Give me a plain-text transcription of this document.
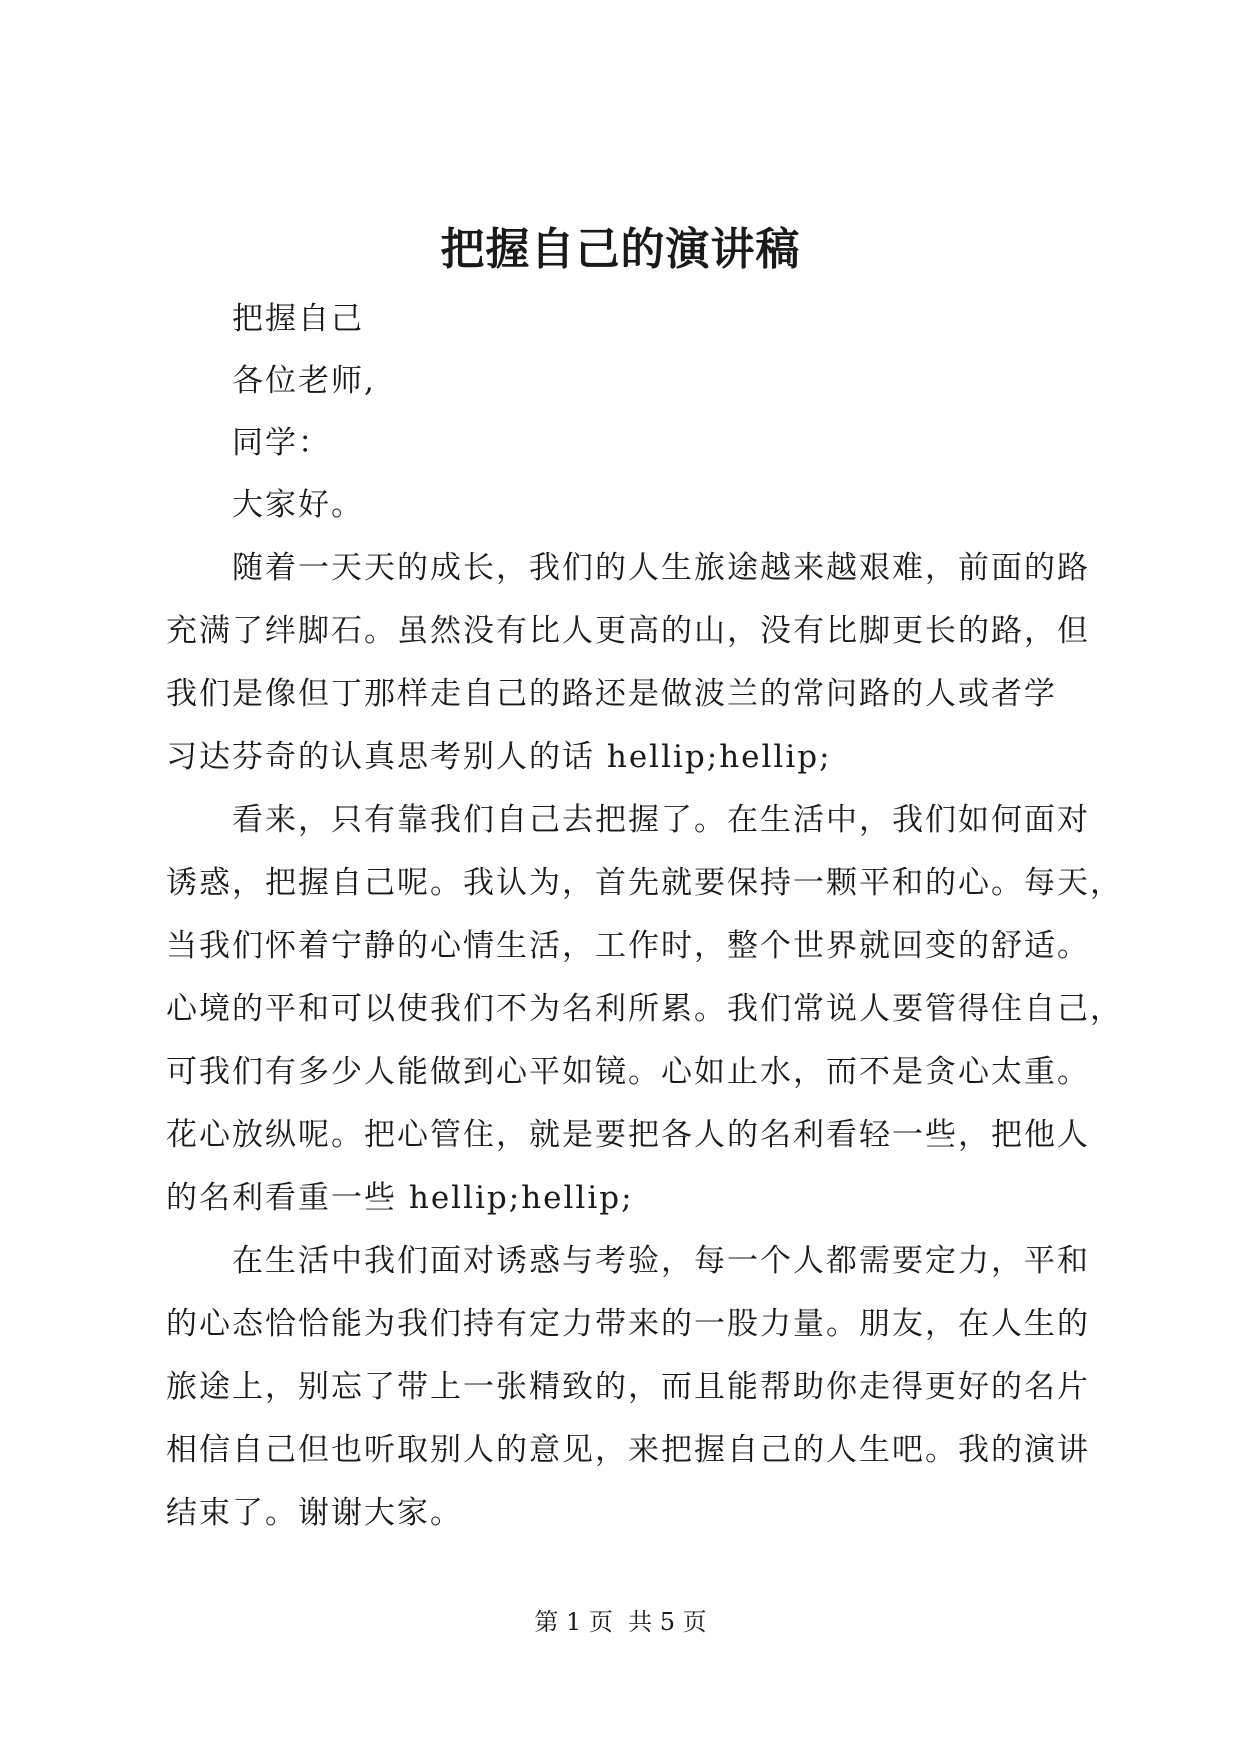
把握自己的演讲稿
把握自己
各位老师,
同学：
大家好。
随着一天天的成长，我们的人生旅途越来越艰难，前面的路
充满了绊脚石。虽然没有比人更高的山，没有比脚更长的路，但
我们是像但丁那样走自己的路还是做波兰的常问路的人或者学
习达芬奇的认真思考别人的话 hellip;hellip;
看来，只有靠我们自己去把握了。在生活中，我们如何面对
诱惑，把握自己呢。我认为，首先就要保持一颗平和的心。每天，
当我们怀着宁静的心情生活，工作时，整个世界就回变的舒适。
心境的平和可以使我们不为名利所累。我们常说人要管得住自己，
可我们有多少人能做到心平如镜。心如止水，而不是贪心太重。
花心放纵呢。把心管住，就是要把各人的名利看轻一些，把他人
的名利看重一些 hellip;hellip;
在生活中我们面对诱惑与考验，每一个人都需要定力，平和
的心态恰恰能为我们持有定力带来的一股力量。朋友，在人生的
旅途上，别忘了带上一张精致的，而且能帮助你走得更好的名片
相信自己但也听取别人的意见，来把握自己的人生吧。我的演讲
结束了。谢谢大家。
第 1 页  共 5 页
